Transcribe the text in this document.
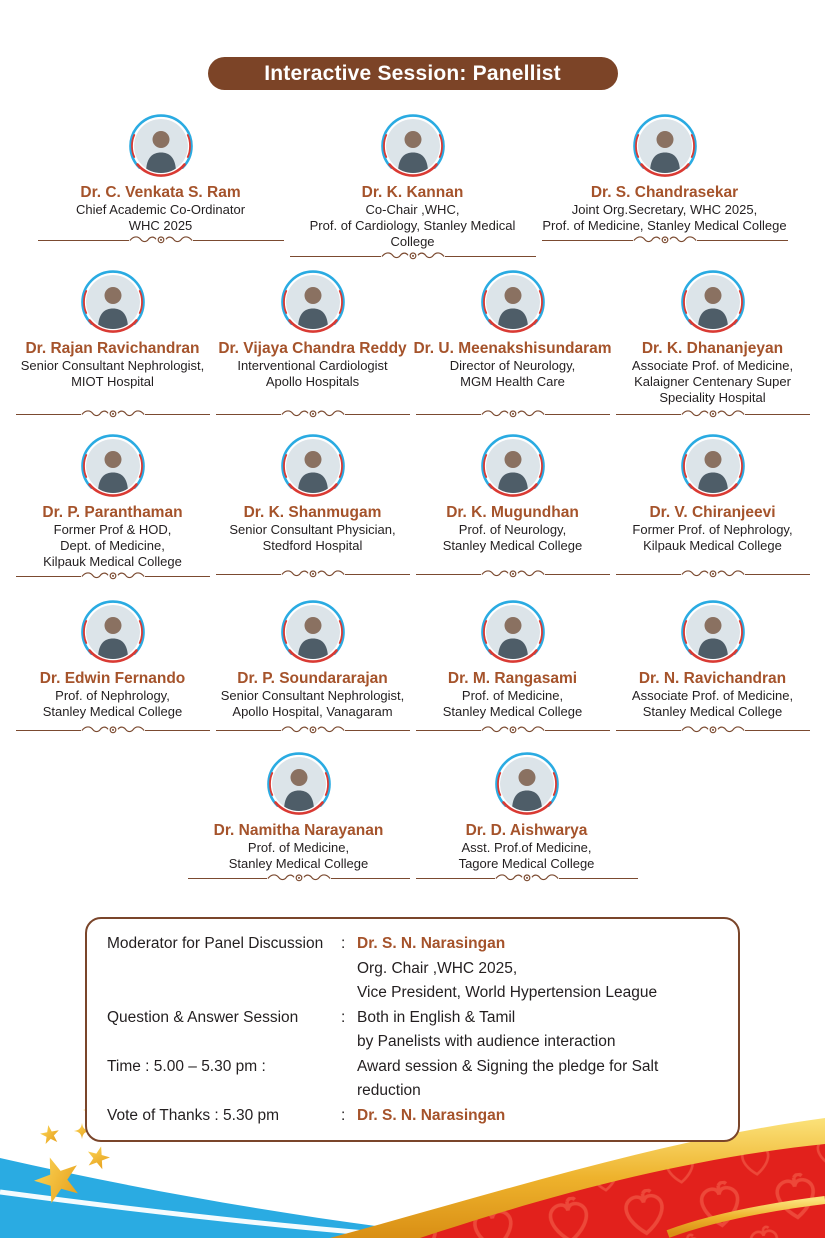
Interactive Session: Panellist
Dr. C. Venkata S. Ram
Chief Academic Co-Ordinator
WHC 2025
Dr. K. Kannan
Co-Chair ,WHC,
Prof. of Cardiology, Stanley Medical College
Dr. S. Chandrasekar
Joint Org.Secretary, WHC 2025,
Prof. of Medicine, Stanley Medical College
Dr. Rajan Ravichandran
Senior Consultant Nephrologist,
MIOT Hospital
Dr. Vijaya Chandra Reddy
Interventional Cardiologist
Apollo Hospitals
Dr. U. Meenakshisundaram
Director of Neurology,
MGM Health Care
Dr. K. Dhananjeyan
Associate Prof. of Medicine,
Kalaigner Centenary Super
Speciality Hospital
Dr. P. Paranthaman
Former Prof & HOD,
Dept. of Medicine,
Kilpauk Medical College
Dr. K. Shanmugam
Senior Consultant Physician,
Stedford Hospital
Dr. K. Mugundhan
Prof. of Neurology,
Stanley Medical College
Dr. V. Chiranjeevi
Former Prof. of Nephrology,
Kilpauk Medical College
Dr. Edwin Fernando
Prof. of Nephrology,
Stanley Medical College
Dr. P. Soundararajan
Senior Consultant Nephrologist,
Apollo Hospital, Vanagaram
Dr. M. Rangasami
Prof. of Medicine,
Stanley Medical College
Dr. N. Ravichandran
Associate Prof. of Medicine,
Stanley Medical College
Dr. Namitha Narayanan
Prof. of Medicine,
Stanley Medical College
Dr. D. Aishwarya
Asst. Prof.of Medicine,
Tagore Medical College
Moderator for Panel Discussion	: Dr. S. N. Narasingan
Org. Chair ,WHC 2025,
Vice President, World Hypertension League
Question & Answer Session	: Both in English & Tamil
by Panelists with audience interaction
Time : 5.00 – 5.30 pm :	Award session & Signing the pledge for Salt reduction
Vote of Thanks : 5.30 pm	: Dr. S. N. Narasingan
